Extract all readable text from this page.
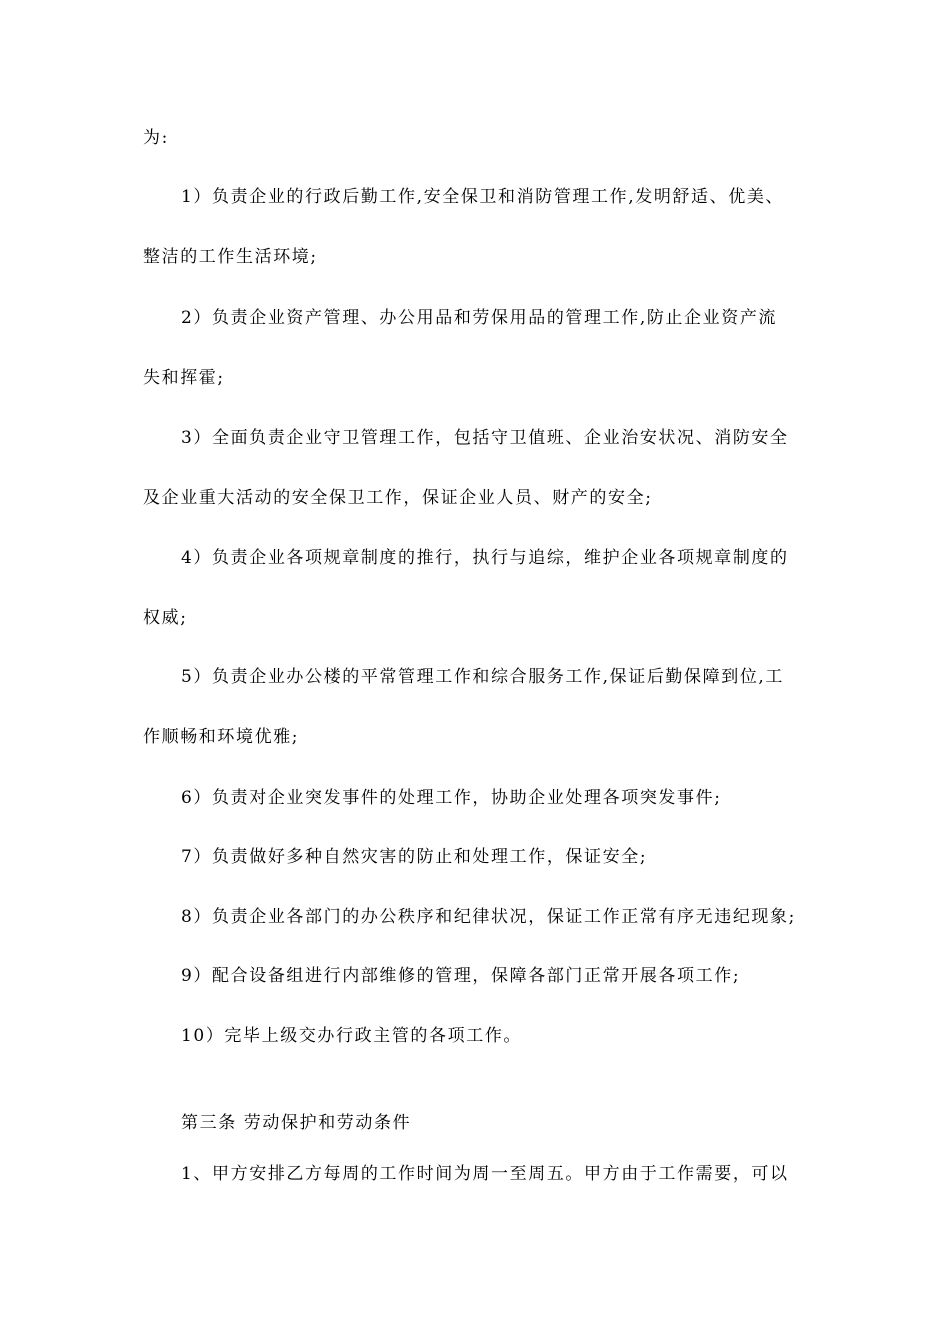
为:
1）负责企业的行政后勤工作,安全保卫和消防管理工作,发明舒适、优美、
整洁的工作生活环境;
2）负责企业资产管理、办公用品和劳保用品的管理工作,防止企业资产流
失和挥霍;
3）全面负责企业守卫管理工作，包括守卫值班、企业治安状况、消防安全
及企业重大活动的安全保卫工作，保证企业人员、财产的安全;
4）负责企业各项规章制度的推行，执行与追综，维护企业各项规章制度的
权威;
5）负责企业办公楼的平常管理工作和综合服务工作,保证后勤保障到位,工
作顺畅和环境优雅;
6）负责对企业突发事件的处理工作，协助企业处理各项突发事件;
7）负责做好多种自然灾害的防止和处理工作，保证安全;
8）负责企业各部门的办公秩序和纪律状况，保证工作正常有序无违纪现象;
9）配合设备组进行内部维修的管理，保障各部门正常开展各项工作;
10）完毕上级交办行政主管的各项工作。
第三条 劳动保护和劳动条件
1、甲方安排乙方每周的工作时间为周一至周五。甲方由于工作需要，可以
